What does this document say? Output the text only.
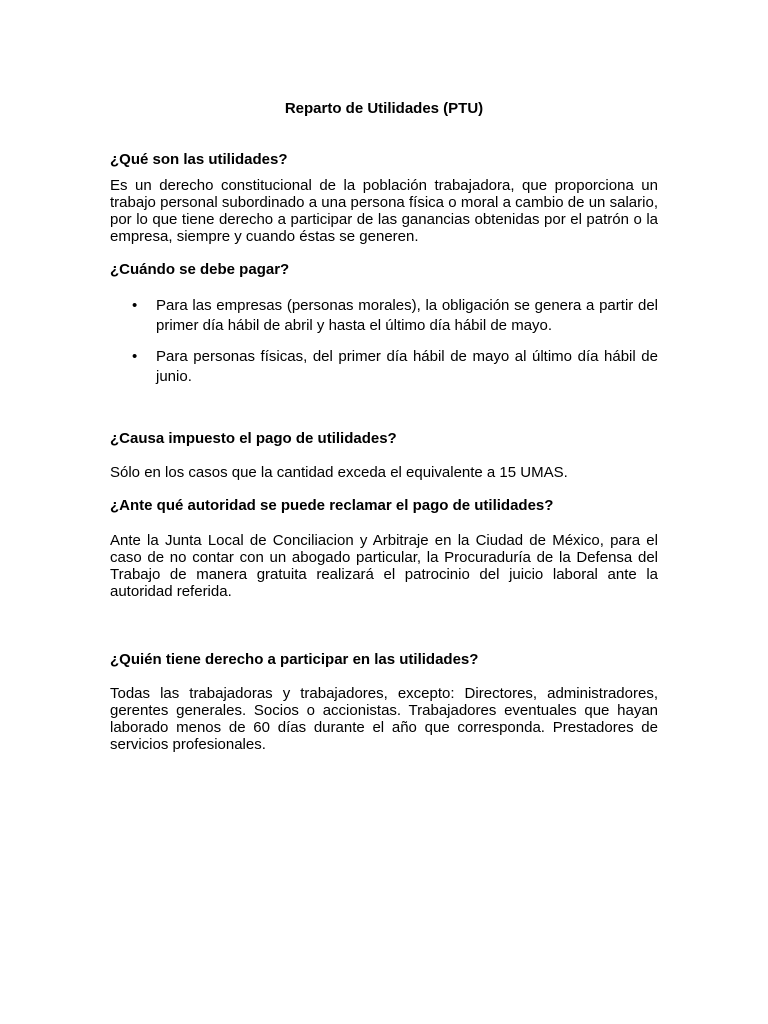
Reparto de Utilidades (PTU)
¿Qué son las utilidades?

Es un derecho constitucional de la población trabajadora, que proporciona un trabajo personal subordinado a una persona física o moral a cambio de un salario, por lo que tiene derecho a participar de las ganancias obtenidas por el patrón o la empresa, siempre y cuando éstas se generen.

¿Cuándo se debe pagar?
•	Para las empresas (personas morales), la obligación se genera a partir del primer día hábil de abril y hasta el último día hábil de mayo.
•	Para personas físicas, del primer día hábil de mayo al último día hábil de junio.
¿Causa impuesto el pago de utilidades?

Sólo en los casos que la cantidad exceda el equivalente a 15 UMAS.

¿Ante qué autoridad se puede reclamar el pago de utilidades?

Ante la Junta Local de Conciliacion y Arbitraje en la Ciudad de México, para el caso de no contar con un abogado particular, la Procuraduría de la Defensa del Trabajo de manera gratuita realizará el patrocinio del juicio laboral ante la autoridad referida.

¿Quién tiene derecho a participar en las utilidades?

Todas las trabajadoras y trabajadores, excepto: Directores, administradores, gerentes generales. Socios o accionistas. Trabajadores eventuales que hayan laborado menos de 60 días durante el año que corresponda. Prestadores de servicios profesionales.
